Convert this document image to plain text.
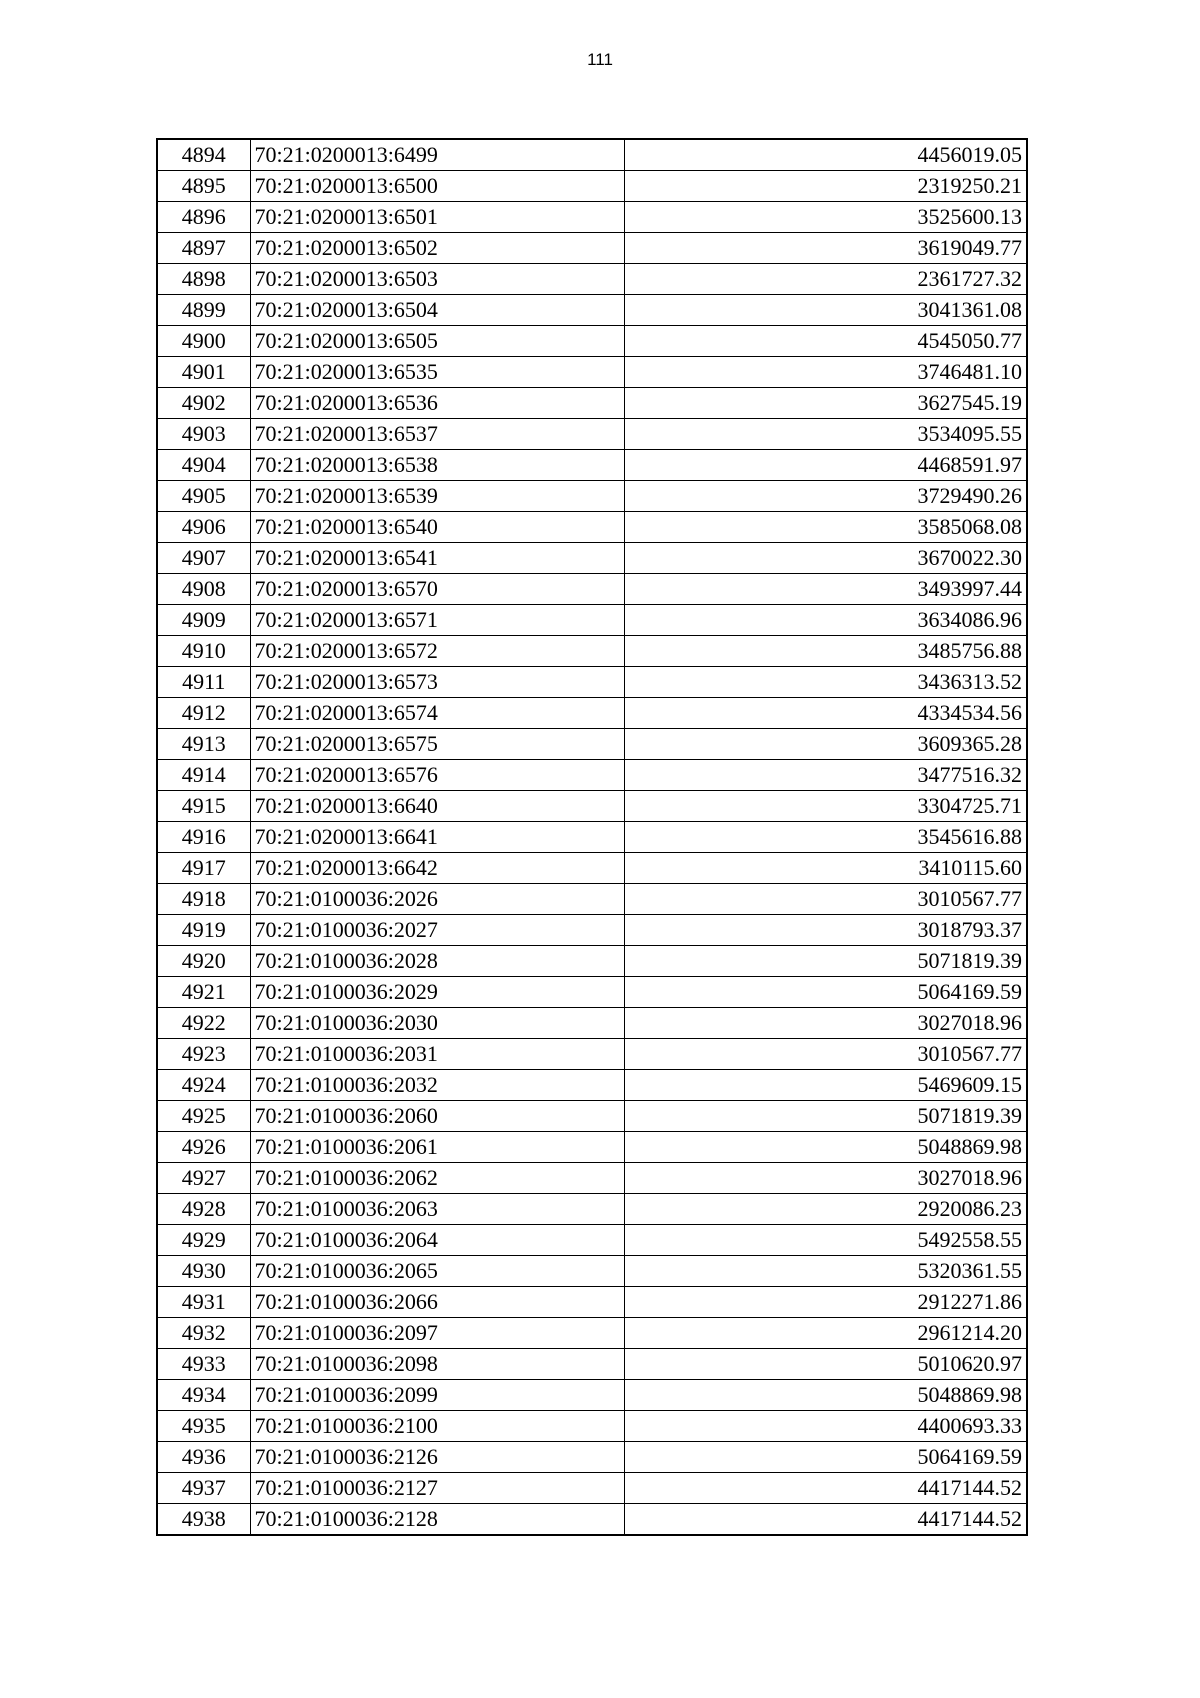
111
4894	70:21:0200013:6499	4456019.05
4895	70:21:0200013:6500	2319250.21
4896	70:21:0200013:6501	3525600.13
4897	70:21:0200013:6502	3619049.77
4898	70:21:0200013:6503	2361727.32
4899	70:21:0200013:6504	3041361.08
4900	70:21:0200013:6505	4545050.77
4901	70:21:0200013:6535	3746481.10
4902	70:21:0200013:6536	3627545.19
4903	70:21:0200013:6537	3534095.55
4904	70:21:0200013:6538	4468591.97
4905	70:21:0200013:6539	3729490.26
4906	70:21:0200013:6540	3585068.08
4907	70:21:0200013:6541	3670022.30
4908	70:21:0200013:6570	3493997.44
4909	70:21:0200013:6571	3634086.96
4910	70:21:0200013:6572	3485756.88
4911	70:21:0200013:6573	3436313.52
4912	70:21:0200013:6574	4334534.56
4913	70:21:0200013:6575	3609365.28
4914	70:21:0200013:6576	3477516.32
4915	70:21:0200013:6640	3304725.71
4916	70:21:0200013:6641	3545616.88
4917	70:21:0200013:6642	3410115.60
4918	70:21:0100036:2026	3010567.77
4919	70:21:0100036:2027	3018793.37
4920	70:21:0100036:2028	5071819.39
4921	70:21:0100036:2029	5064169.59
4922	70:21:0100036:2030	3027018.96
4923	70:21:0100036:2031	3010567.77
4924	70:21:0100036:2032	5469609.15
4925	70:21:0100036:2060	5071819.39
4926	70:21:0100036:2061	5048869.98
4927	70:21:0100036:2062	3027018.96
4928	70:21:0100036:2063	2920086.23
4929	70:21:0100036:2064	5492558.55
4930	70:21:0100036:2065	5320361.55
4931	70:21:0100036:2066	2912271.86
4932	70:21:0100036:2097	2961214.20
4933	70:21:0100036:2098	5010620.97
4934	70:21:0100036:2099	5048869.98
4935	70:21:0100036:2100	4400693.33
4936	70:21:0100036:2126	5064169.59
4937	70:21:0100036:2127	4417144.52
4938	70:21:0100036:2128	4417144.52
